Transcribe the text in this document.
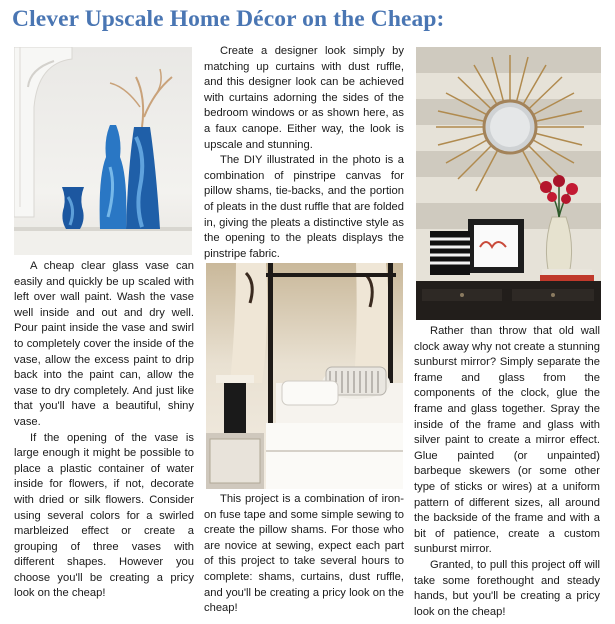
Clever Upscale Home Décor on the Cheap:

A cheap clear glass vase can easily and quickly be up scaled with left over wall paint. Wash the vase well inside and out and dry well. Pour paint inside the vase and swirl to completely cover the inside of the vase, allow the excess paint to drip back into the paint can, allow the vase to dry completely. And just like that you'll have a beautiful, shiny vase.

If the opening of the vase is large enough it might be possible to place a plastic container of water inside for flowers, if not, decorate with dried or silk flowers. Consider using several colors for a swirled marbleized effect or create a grouping of three vases with different shapes. However you choose you'll be creating a pricy look on the cheap!

Create a designer look simply by matching up curtains with dust ruffle, and this designer look can be achieved with curtains adorning the sides of the bedroom windows or as shown here, as a faux canope. Either way, the look is upscale and stunning.

The DIY illustrated in the photo is a combination of pinstripe canvas for pillow shams, tie-backs, and the portion of pleats in the dust ruffle that are folded in, giving the pleats a distinctive style as the opening to the pleats displays the pinstripe fabric.

This project is a combination of iron-on fuse tape and some simple sewing to create the pillow shams. For those who are novice at sewing, expect each part of this project to take several hours to complete: shams, curtains, dust ruffle, and you'll be creating a pricy look on the cheap!

Rather than throw that old wall clock away why not create a stunning sunburst mirror? Simply separate the frame and glass from the components of the clock, glue the frame and glass together. Spray the inside of the frame and glass with silver paint to create a mirror effect. Glue painted (or unpainted) barbeque skewers (or some other type of sticks or wires) at a uniform pattern of different sizes, all around the backside of the frame and with a bit of patience, create a custom sunburst mirror.

Granted, to pull this project off will take some forethought and steady hands, but you'll be creating a pricy look on the cheap!
